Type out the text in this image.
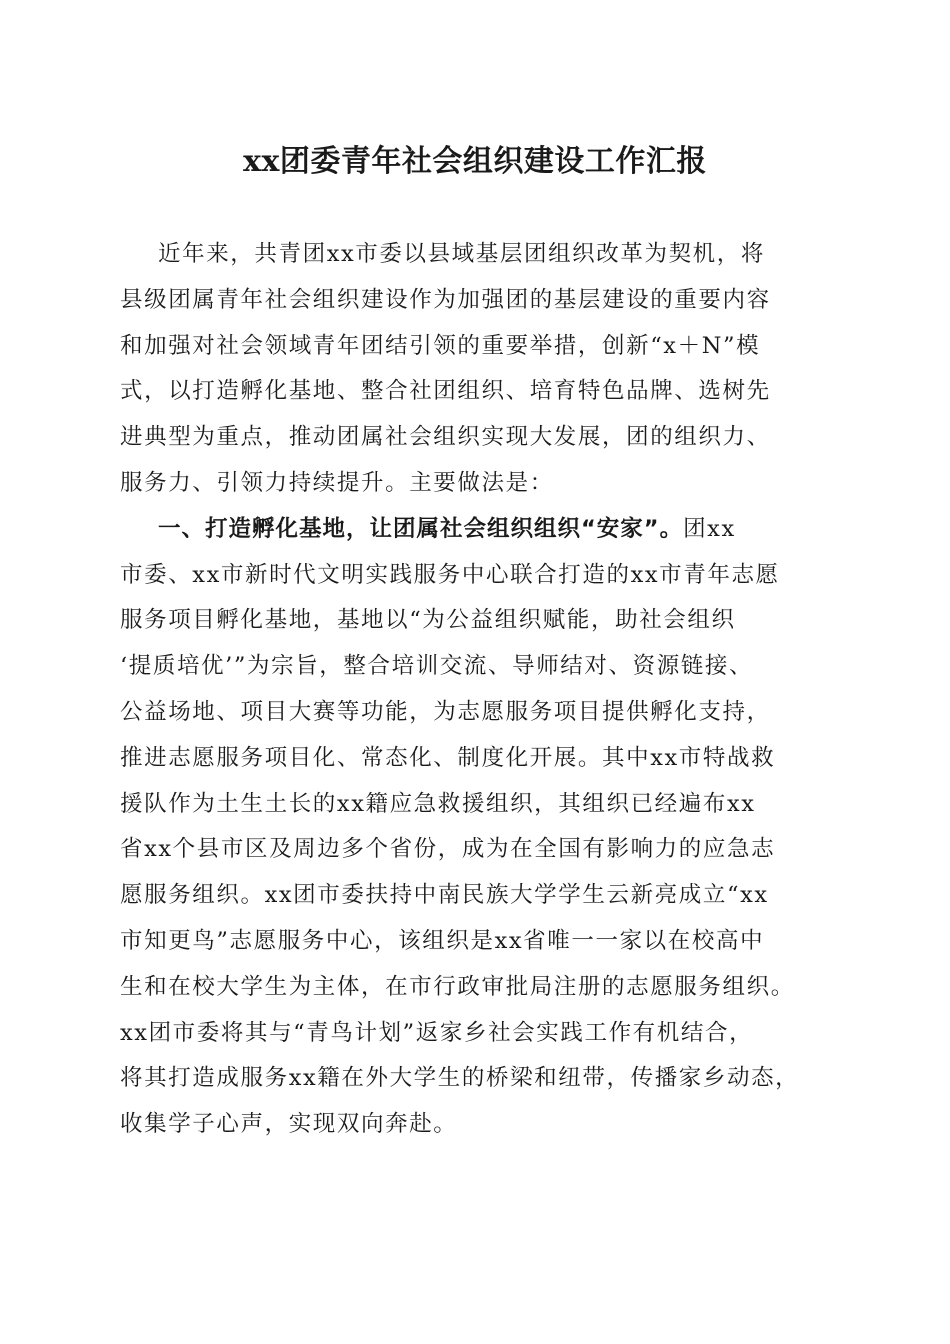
xx团委青年社会组织建设工作汇报
近年来，共青团xx市委以县域基层团组织改革为契机，将
县级团属青年社会组织建设作为加强团的基层建设的重要内容
和加强对社会领域青年团结引领的重要举措，创新“x＋N”模
式，以打造孵化基地、整合社团组织、培育特色品牌、选树先
进典型为重点，推动团属社会组织实现大发展，团的组织力、
服务力、引领力持续提升。主要做法是：
一、打造孵化基地，让团属社会组织组织“安家”。团xx
市委、xx市新时代文明实践服务中心联合打造的xx市青年志愿
服务项目孵化基地，基地以“为公益组织赋能，助社会组织
‘提质培优’”为宗旨，整合培训交流、导师结对、资源链接、
公益场地、项目大赛等功能，为志愿服务项目提供孵化支持，
推进志愿服务项目化、常态化、制度化开展。其中xx市特战救
援队作为土生土长的xx籍应急救援组织，其组织已经遍布xx
省xx个县市区及周边多个省份，成为在全国有影响力的应急志
愿服务组织。xx团市委扶持中南民族大学学生云新亮成立“xx
市知更鸟”志愿服务中心，该组织是xx省唯一一家以在校高中
生和在校大学生为主体，在市行政审批局注册的志愿服务组织。
xx团市委将其与“青鸟计划”返家乡社会实践工作有机结合，
将其打造成服务xx籍在外大学生的桥梁和纽带，传播家乡动态，
收集学子心声，实现双向奔赴。
